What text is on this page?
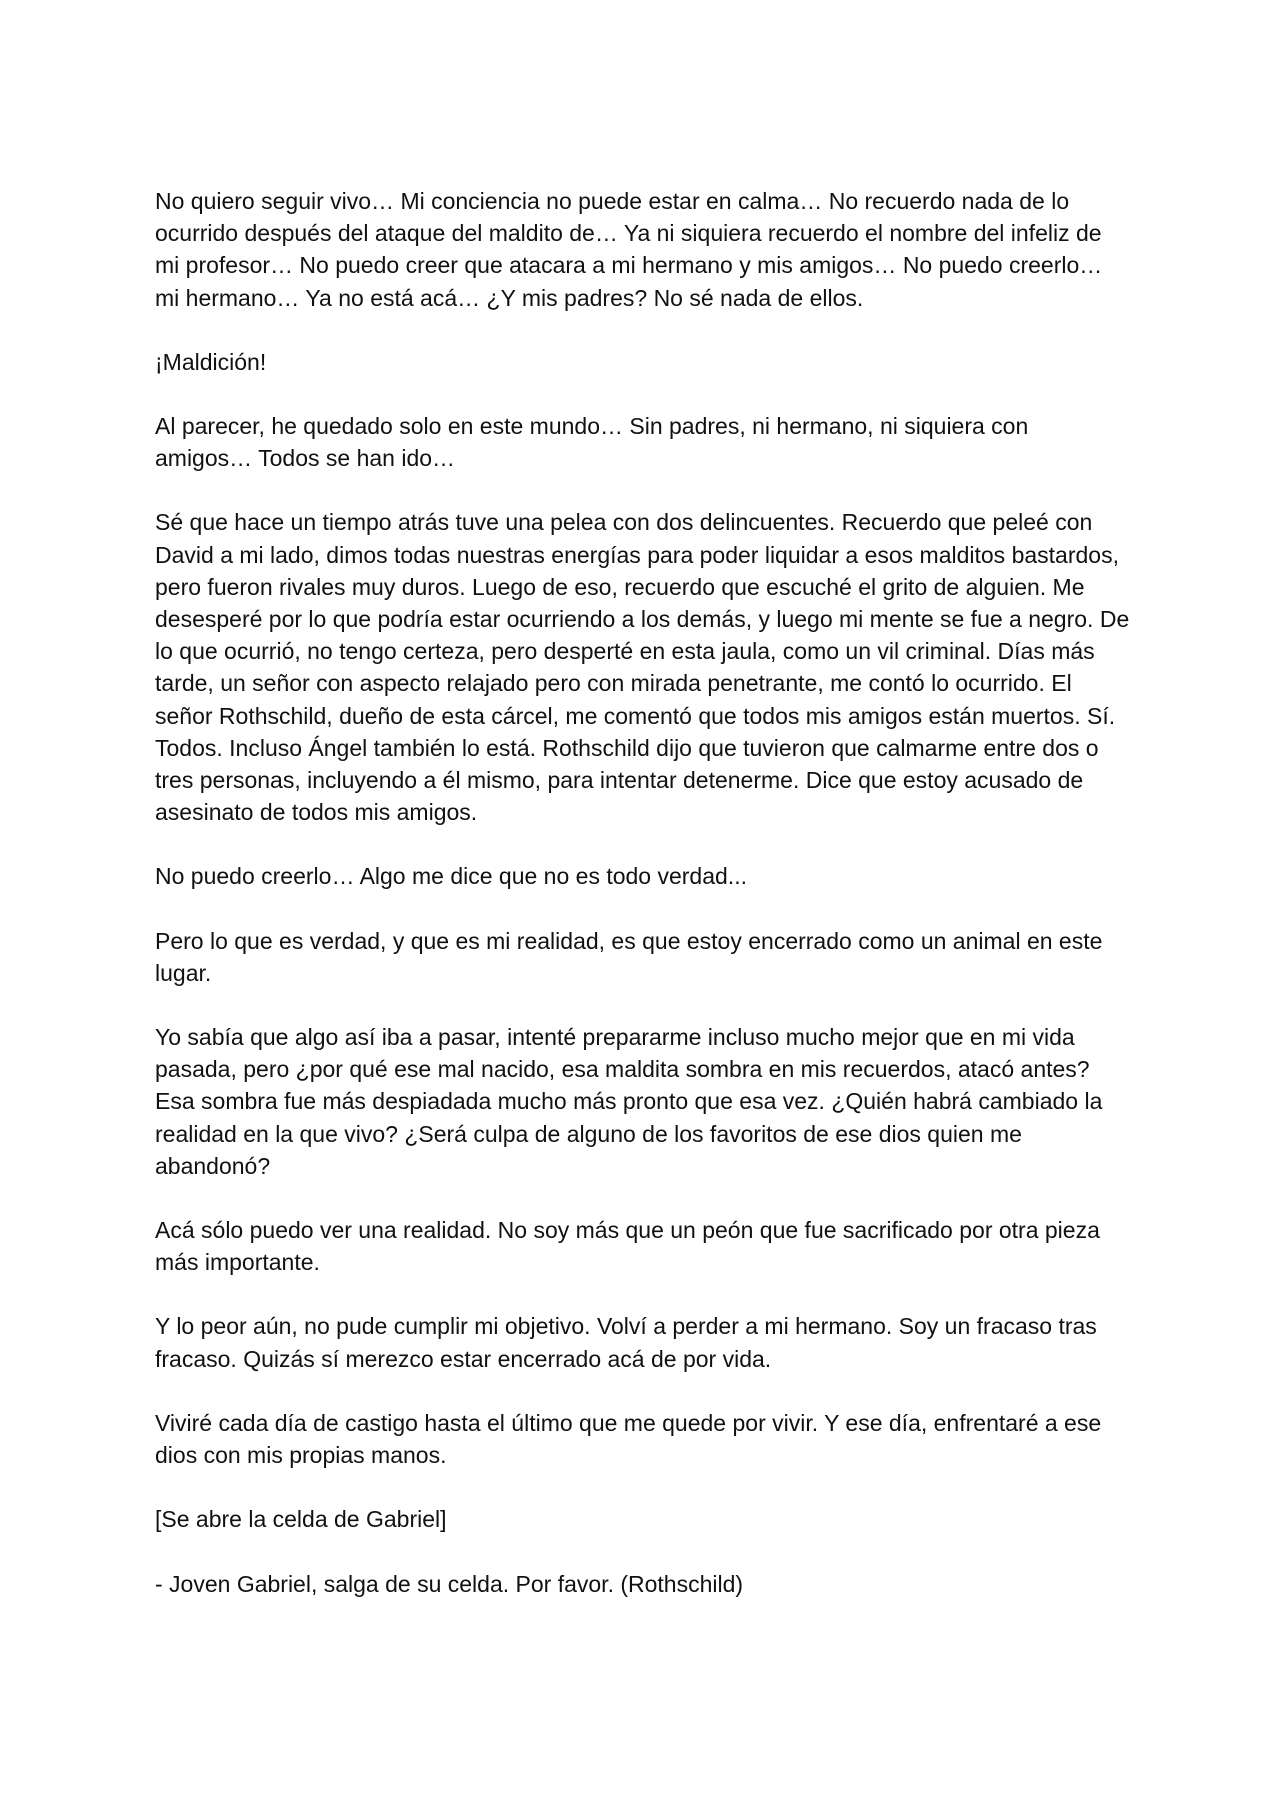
No quiero seguir vivo… Mi conciencia no puede estar en calma… No recuerdo nada de lo ocurrido después del ataque del maldito de… Ya ni siquiera recuerdo el nombre del infeliz de mi profesor… No puedo creer que atacara a mi hermano y mis amigos… No puedo creerlo… mi hermano… Ya no está acá… ¿Y mis padres? No sé nada de ellos.

¡Maldición!

Al parecer, he quedado solo en este mundo… Sin padres, ni hermano, ni siquiera con amigos… Todos se han ido…

Sé que hace un tiempo atrás tuve una pelea con dos delincuentes. Recuerdo que peleé con David a mi lado, dimos todas nuestras energías para poder liquidar a esos malditos bastardos, pero fueron rivales muy duros. Luego de eso, recuerdo que escuché el grito de alguien. Me desesperé por lo que podría estar ocurriendo a los demás, y luego mi mente se fue a negro. De lo que ocurrió, no tengo certeza, pero desperté en esta jaula, como un vil criminal. Días más tarde, un señor con aspecto relajado pero con mirada penetrante, me contó lo ocurrido. El señor Rothschild, dueño de esta cárcel, me comentó que todos mis amigos están muertos. Sí. Todos. Incluso Ángel también lo está. Rothschild dijo que tuvieron que calmarme entre dos o tres personas, incluyendo a él mismo, para intentar detenerme. Dice que estoy acusado de asesinato de todos mis amigos.

No puedo creerlo… Algo me dice que no es todo verdad...

Pero lo que es verdad, y que es mi realidad, es que estoy encerrado como un animal en este lugar.

Yo sabía que algo así iba a pasar, intenté prepararme incluso mucho mejor que en mi vida pasada, pero ¿por qué ese mal nacido, esa maldita sombra en mis recuerdos, atacó antes? Esa sombra fue más despiadada mucho más pronto que esa vez. ¿Quién habrá cambiado la realidad en la que vivo? ¿Será culpa de alguno de los favoritos de ese dios quien me abandonó?

Acá sólo puedo ver una realidad. No soy más que un peón que fue sacrificado por otra pieza más importante.

Y lo peor aún, no pude cumplir mi objetivo. Volví a perder a mi hermano. Soy un fracaso tras fracaso. Quizás sí merezco estar encerrado acá de por vida.

Viviré cada día de castigo hasta el último que me quede por vivir. Y ese día, enfrentaré a ese dios con mis propias manos.

[Se abre la celda de Gabriel]

- Joven Gabriel, salga de su celda. Por favor. (Rothschild)
